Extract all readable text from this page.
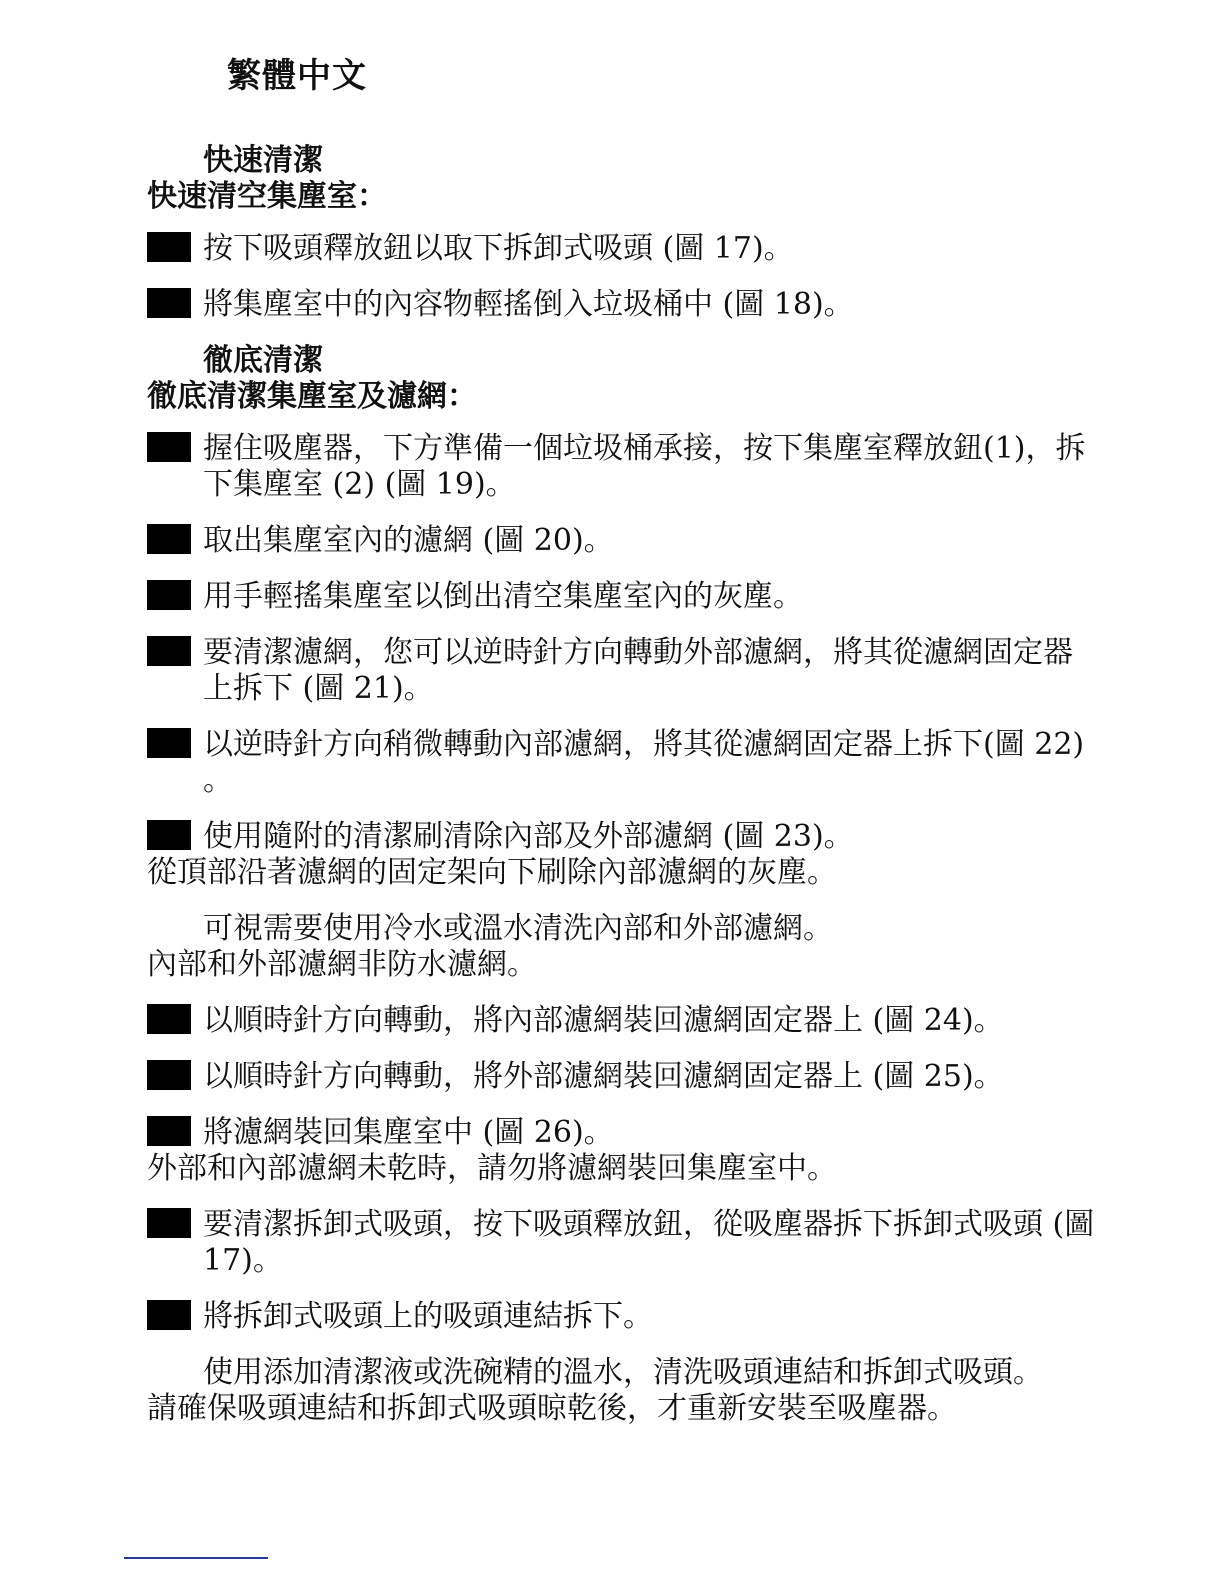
繁體中文
快速清潔
快速清空集塵室：
按下吸頭釋放鈕以取下拆卸式吸頭 (圖 17)。
將集塵室中的內容物輕搖倒入垃圾桶中 (圖 18)。
徹底清潔
徹底清潔集塵室及濾網：
握住吸塵器，下方準備一個垃圾桶承接，按下集塵室釋放鈕(1)，拆下集塵室 (2) (圖 19)。
取出集塵室內的濾網 (圖 20)。
用手輕搖集塵室以倒出清空集塵室內的灰塵。
要清潔濾網，您可以逆時針方向轉動外部濾網，將其從濾網固定器上拆下 (圖 21)。
以逆時針方向稍微轉動內部濾網，將其從濾網固定器上拆下(圖 22) 。
使用隨附的清潔刷清除內部及外部濾網 (圖 23)。
從頂部沿著濾網的固定架向下刷除內部濾網的灰塵。
可視需要使用冷水或溫水清洗內部和外部濾網。
內部和外部濾網非防水濾網。
以順時針方向轉動，將內部濾網裝回濾網固定器上 (圖 24)。
以順時針方向轉動，將外部濾網裝回濾網固定器上 (圖 25)。
將濾網裝回集塵室中 (圖 26)。
外部和內部濾網未乾時，請勿將濾網裝回集塵室中。
要清潔拆卸式吸頭，按下吸頭釋放鈕，從吸塵器拆下拆卸式吸頭 (圖 17)。
將拆卸式吸頭上的吸頭連結拆下。
使用添加清潔液或洗碗精的溫水，清洗吸頭連結和拆卸式吸頭。
請確保吸頭連結和拆卸式吸頭晾乾後，才重新安裝至吸塵器。
